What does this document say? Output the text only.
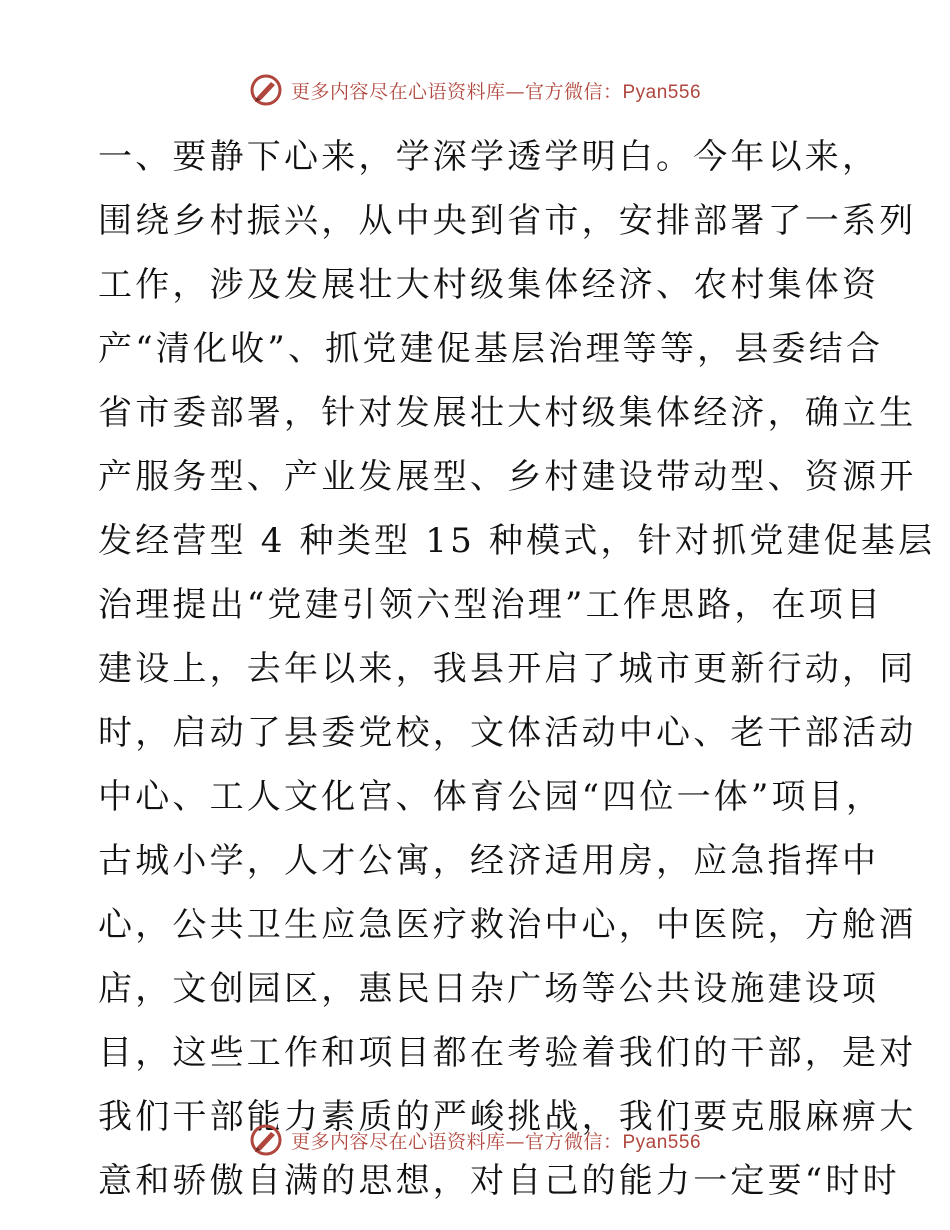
更多内容尽在心语资料库—官方微信：Pyan556
一、要静下心来，学深学透学明白。今年以来，
围绕乡村振兴，从中央到省市，安排部署了一系列
工作，涉及发展壮大村级集体经济、农村集体资
产“清化收”、抓党建促基层治理等等，县委结合
省市委部署，针对发展壮大村级集体经济，确立生
产服务型、产业发展型、乡村建设带动型、资源开
发经营型 4 种类型 15 种模式，针对抓党建促基层
治理提出“党建引领六型治理”工作思路，在项目
建设上，去年以来，我县开启了城市更新行动，同
时，启动了县委党校，文体活动中心、老干部活动
中心、工人文化宫、体育公园“四位一体”项目，
古城小学，人才公寓，经济适用房，应急指挥中
心，公共卫生应急医疗救治中心，中医院，方舱酒
店，文创园区，惠民日杂广场等公共设施建设项
目，这些工作和项目都在考验着我们的干部，是对
我们干部能力素质的严峻挑战，我们要克服麻痹大
意和骄傲自满的思想，对自己的能力一定要“时时
更多内容尽在心语资料库—官方微信：Pyan556
